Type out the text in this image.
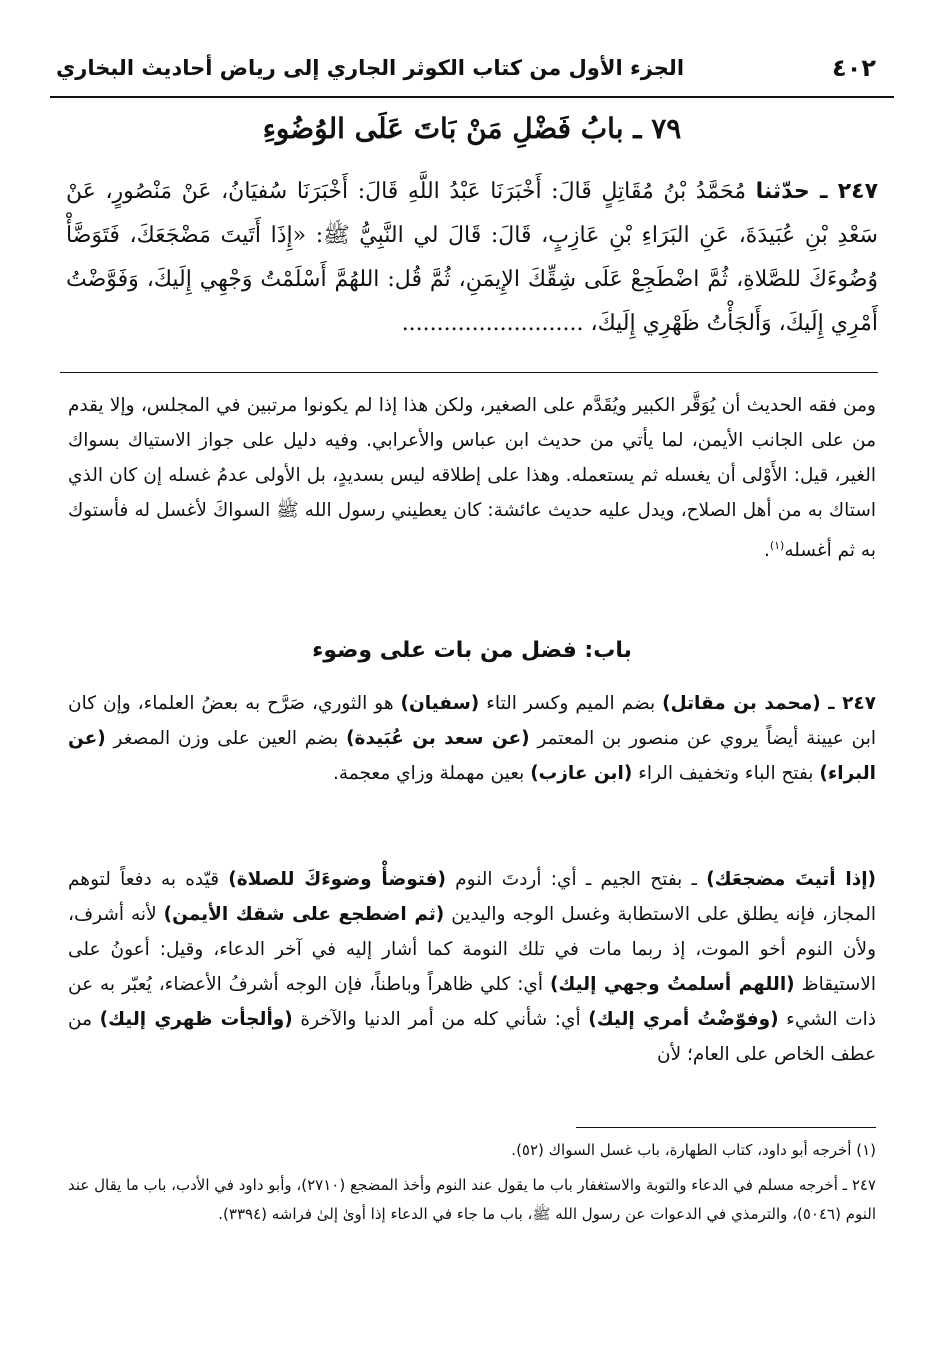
٤٠٢
الجزء الأول من كتاب الكوثر الجاري إلى رياض أحاديث البخاري
٧٩ ـ بابُ فَضْلِ مَنْ بَاتَ عَلَى الوُضُوءِ
٢٤٧ ـ حدّثنا مُحَمَّدُ بْنُ مُقَاتِلٍ قَالَ: أَخْبَرَنَا عَبْدُ اللَّهِ قَالَ: أَخْبَرَنَا سُفيَانُ، عَنْ مَنْصُورٍ، عَنْ سَعْدِ بْنِ عُبَيدَةَ، عَنِ البَرَاءِ بْنِ عَازِبٍ، قَالَ: قَالَ لي النَّبِيُّ ﷺ: «إِذَا أَتَيتَ مَضْجَعَكَ، فَتَوَضَّأْ وُضُوءَكَ للصَّلاةِ، ثُمَّ اضْطَجِعْ عَلَى شِقِّكَ الإِيمَنِ، ثُمَّ قُل: اللهُمَّ أَسْلَمْتُ وَجْهِي إِلَيكَ، وَفَوَّضْتُ أَمْرِي إِلَيكَ، وَأَلجَأْتُ ظَهْرِي إِلَيكَ، ..........................

ومن فقه الحديث أن يُوَقَّر الكبير ويُقَدَّم على الصغير، ولكن هذا إذا لم يكونوا مرتبين في المجلس، وإلا يقدم من على الجانب الأيمن، لما يأتي من حديث ابن عباس والأعرابي. وفيه دليل على جواز الاستياك بسواك الغير، قيل: الأَوْلى أن يغسله ثم يستعمله. وهذا على إطلاقه ليس بسديدٍ، بل الأولى عدمُ غسله إن كان الذي استاك به من أهل الصلاح، ويدل عليه حديث عائشة: كان يعطيني رسول الله ﷺ السواكَ لأغسل له فأستوك به ثم أغسله$^{(١)}$.

باب: فضل من بات على وضوء

٢٤٧ ـ (محمد بن مقاتل) بضم الميم وكسر التاء (سفيان) هو الثوري، صَرَّح به بعضُ العلماء، وإن كان ابن عيينة أيضاً يروي عن منصور بن المعتمر (عن سعد بن عُبَيدة) بضم العين على وزن المصغر (عن البراء) بفتح الباء وتخفيف الراء (ابن عازب) بعين مهملة وزاي معجمة.

(إذا أتيتَ مضجعَك) ـ بفتح الجيم ـ أي: أردتَ النوم (فتوضأْ وضوءَكَ للصلاة) قيّده به دفعاً لتوهم المجاز، فإنه يطلق على الاستطابة وغسل الوجه واليدين (ثم اضطجع على شقك الأيمن) لأنه أشرف، ولأن النوم أخو الموت، إذ ربما مات في تلك النومة كما أشار إليه في آخر الدعاء، وقيل: أعونُ على الاستيقاظ (اللهم أسلمتُ وجهي إليك) أي: كلي ظاهراً وباطناً، فإن الوجه أشرفُ الأعضاء، يُعبّر به عن ذات الشيء (وفوّضْتُ أمري إليك) أي: شأني كله من أمر الدنيا والآخرة (وألجأت ظهري إليك) من عطف الخاص على العام؛ لأن

(١) أخرجه أبو داود، كتاب الطهارة، باب غسل السواك (٥٢).

٢٤٧ ـ أخرجه مسلم في الدعاء والتوبة والاستغفار باب ما يقول عند النوم وأخذ المضجع (٢٧١٠)، وأبو داود في الأدب، باب ما يقال عند النوم (٥٠٤٦)، والترمذي في الدعوات عن رسول الله ﷺ، باب ما جاء في الدعاء إذا أوىٰ إلىٰ فراشه (٣٣٩٤).
